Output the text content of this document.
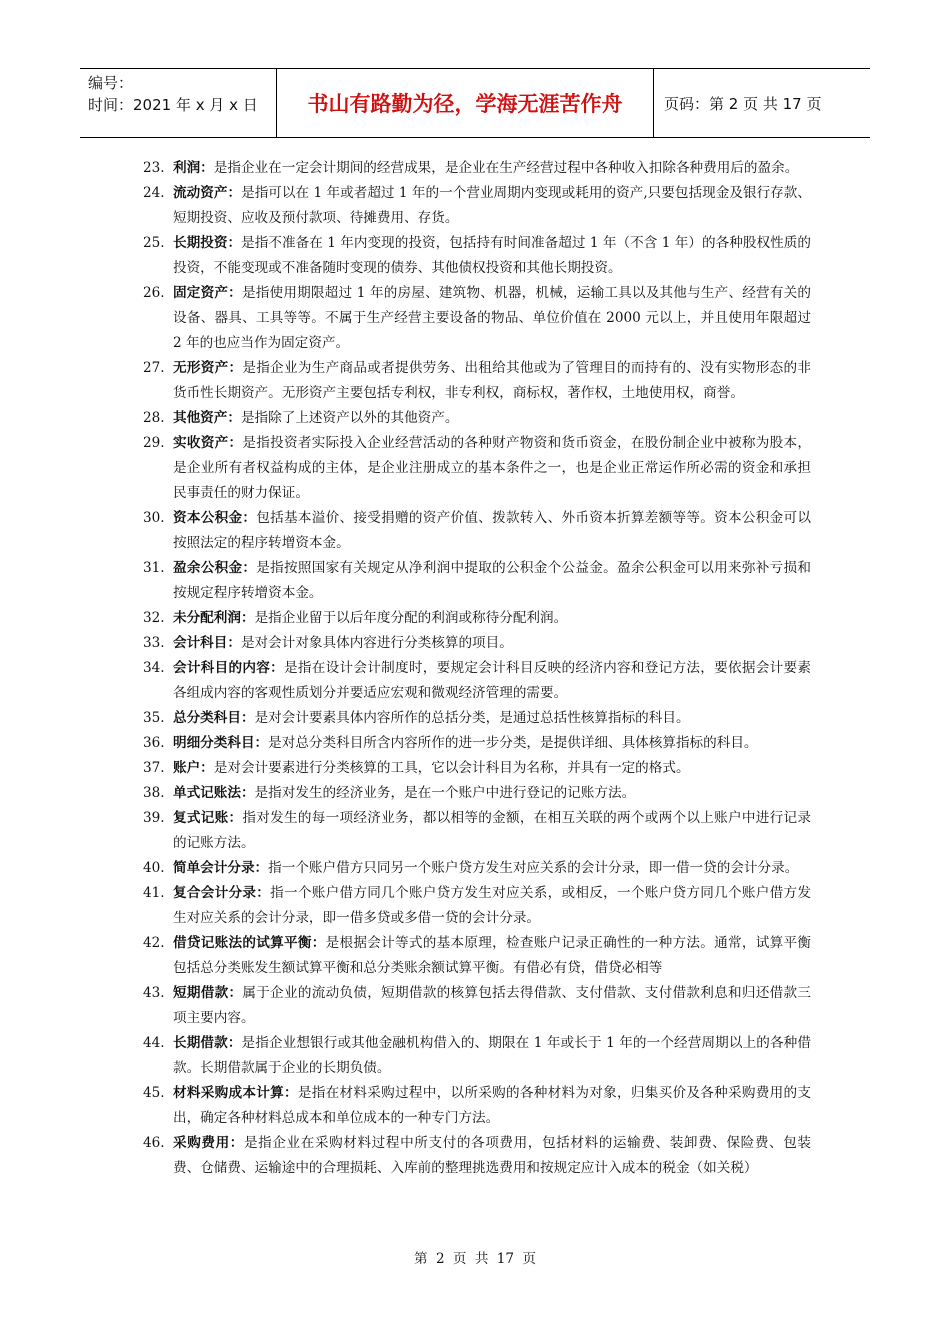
编号：
时间：2021 年 x 月 x 日	书山有路勤为径，学海无涯苦作舟	页码：第 2 页 共 17 页
23. 利润：是指企业在一定会计期间的经营成果，是企业在生产经营过程中各种收入扣除各种费用后的盈余。
24. 流动资产：是指可以在 1 年或者超过 1 年的一个营业周期内变现或耗用的资产,只要包括现金及银行存款、短期投资、应收及预付款项、待摊费用、存货。
25. 长期投资：是指不准备在 1 年内变现的投资，包括持有时间准备超过 1 年（不含 1 年）的各种股权性质的投资，不能变现或不准备随时变现的债券、其他债权投资和其他长期投资。
26. 固定资产：是指使用期限超过 1 年的房屋、建筑物、机器，机械，运输工具以及其他与生产、经营有关的设备、器具、工具等等。不属于生产经营主要设备的物品、单位价值在 2000 元以上，并且使用年限超过 2 年的也应当作为固定资产。
27. 无形资产：是指企业为生产商品或者提供劳务、出租给其他或为了管理目的而持有的、没有实物形态的非货币性长期资产。无形资产主要包括专利权，非专利权，商标权，著作权，土地使用权，商誉。
28. 其他资产：是指除了上述资产以外的其他资产。
29. 实收资产：是指投资者实际投入企业经营活动的各种财产物资和货币资金，在股份制企业中被称为股本，是企业所有者权益构成的主体，是企业注册成立的基本条件之一，也是企业正常运作所必需的资金和承担民事责任的财力保证。
30. 资本公积金：包括基本溢价、接受捐赠的资产价值、拨款转入、外币资本折算差额等等。资本公积金可以按照法定的程序转增资本金。
31. 盈余公积金：是指按照国家有关规定从净利润中提取的公积金个公益金。盈余公积金可以用来弥补亏损和按规定程序转增资本金。
32. 未分配利润：是指企业留于以后年度分配的利润或称待分配利润。
33. 会计科目：是对会计对象具体内容进行分类核算的项目。
34. 会计科目的内容：是指在设计会计制度时，要规定会计科目反映的经济内容和登记方法，要依据会计要素各组成内容的客观性质划分并要适应宏观和微观经济管理的需要。
35. 总分类科目：是对会计要素具体内容所作的总括分类，是通过总括性核算指标的科目。
36. 明细分类科目：是对总分类科目所含内容所作的进一步分类，是提供详细、具体核算指标的科目。
37. 账户：是对会计要素进行分类核算的工具，它以会计科目为名称，并具有一定的格式。
38. 单式记账法：是指对发生的经济业务，是在一个账户中进行登记的记账方法。
39. 复式记账：指对发生的每一项经济业务，都以相等的金额，在相互关联的两个或两个以上账户中进行记录的记账方法。
40. 简单会计分录：指一个账户借方只同另一个账户贷方发生对应关系的会计分录，即一借一贷的会计分录。
41. 复合会计分录：指一个账户借方同几个账户贷方发生对应关系，或相反，一个账户贷方同几个账户借方发生对应关系的会计分录，即一借多贷或多借一贷的会计分录。
42. 借贷记账法的试算平衡：是根据会计等式的基本原理，检查账户记录正确性的一种方法。通常，试算平衡包括总分类账发生额试算平衡和总分类账余额试算平衡。有借必有贷，借贷必相等
43. 短期借款：属于企业的流动负债，短期借款的核算包括去得借款、支付借款、支付借款利息和归还借款三项主要内容。
44. 长期借款：是指企业想银行或其他金融机构借入的、期限在 1 年或长于 1 年的一个经营周期以上的各种借款。长期借款属于企业的长期负债。
45. 材料采购成本计算：是指在材料采购过程中，以所采购的各种材料为对象，归集买价及各种采购费用的支出，确定各种材料总成本和单位成本的一种专门方法。
46. 采购费用：是指企业在采购材料过程中所支付的各项费用，包括材料的运输费、装卸费、保险费、包装费、仓储费、运输途中的合理损耗、入库前的整理挑选费用和按规定应计入成本的税金（如关税）
第 2 页 共 17 页
